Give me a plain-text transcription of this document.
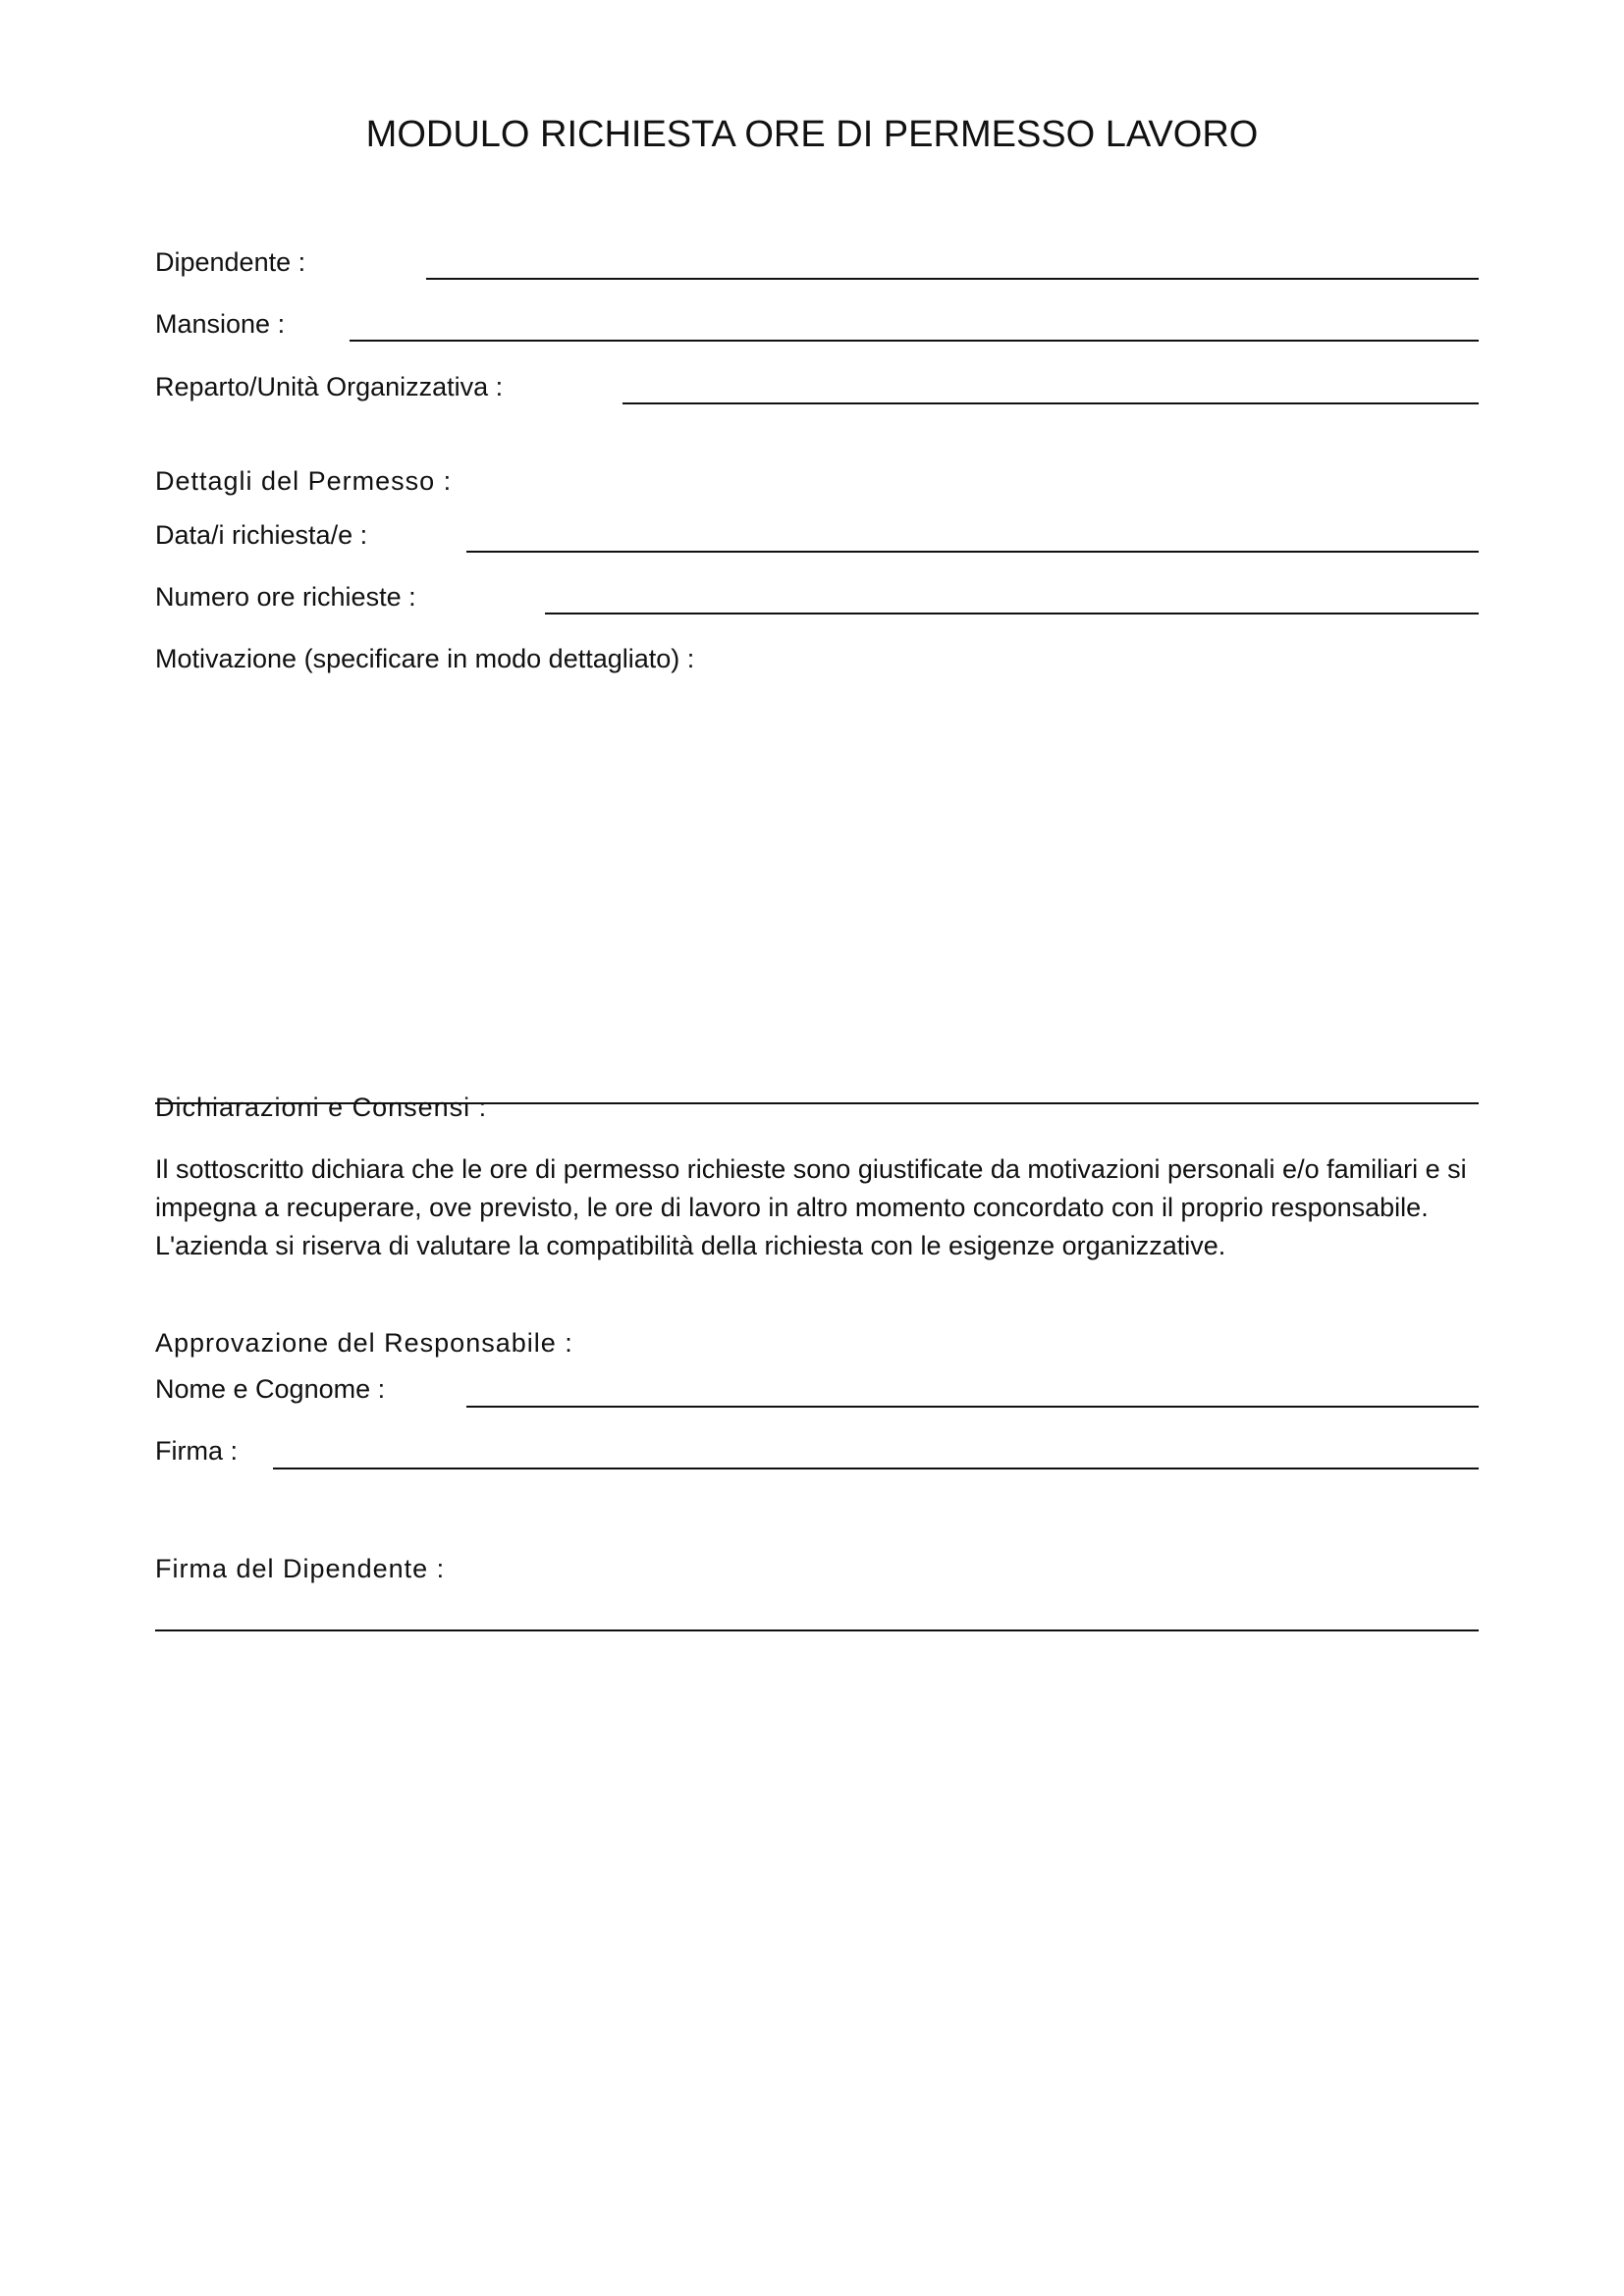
MODULO RICHIESTA ORE DI PERMESSO LAVORO
Dipendente :
Mansione :
Reparto/Unità Organizzativa :
Dettagli del Permesso :
Data/i richiesta/e :
Numero ore richieste :
Motivazione (specificare in modo dettagliato) :
Dichiarazioni e Consensi :

Il sottoscritto dichiara che le ore di permesso richieste sono giustificate da motivazioni personali e/o familiari e si impegna a recuperare, ove previsto, le ore di lavoro in altro momento concordato con il proprio responsabile. L'azienda si riserva di valutare la compatibilità della richiesta con le esigenze organizzative.

Approvazione del Responsabile :
Nome e Cognome :
Firma :
Firma del Dipendente :
